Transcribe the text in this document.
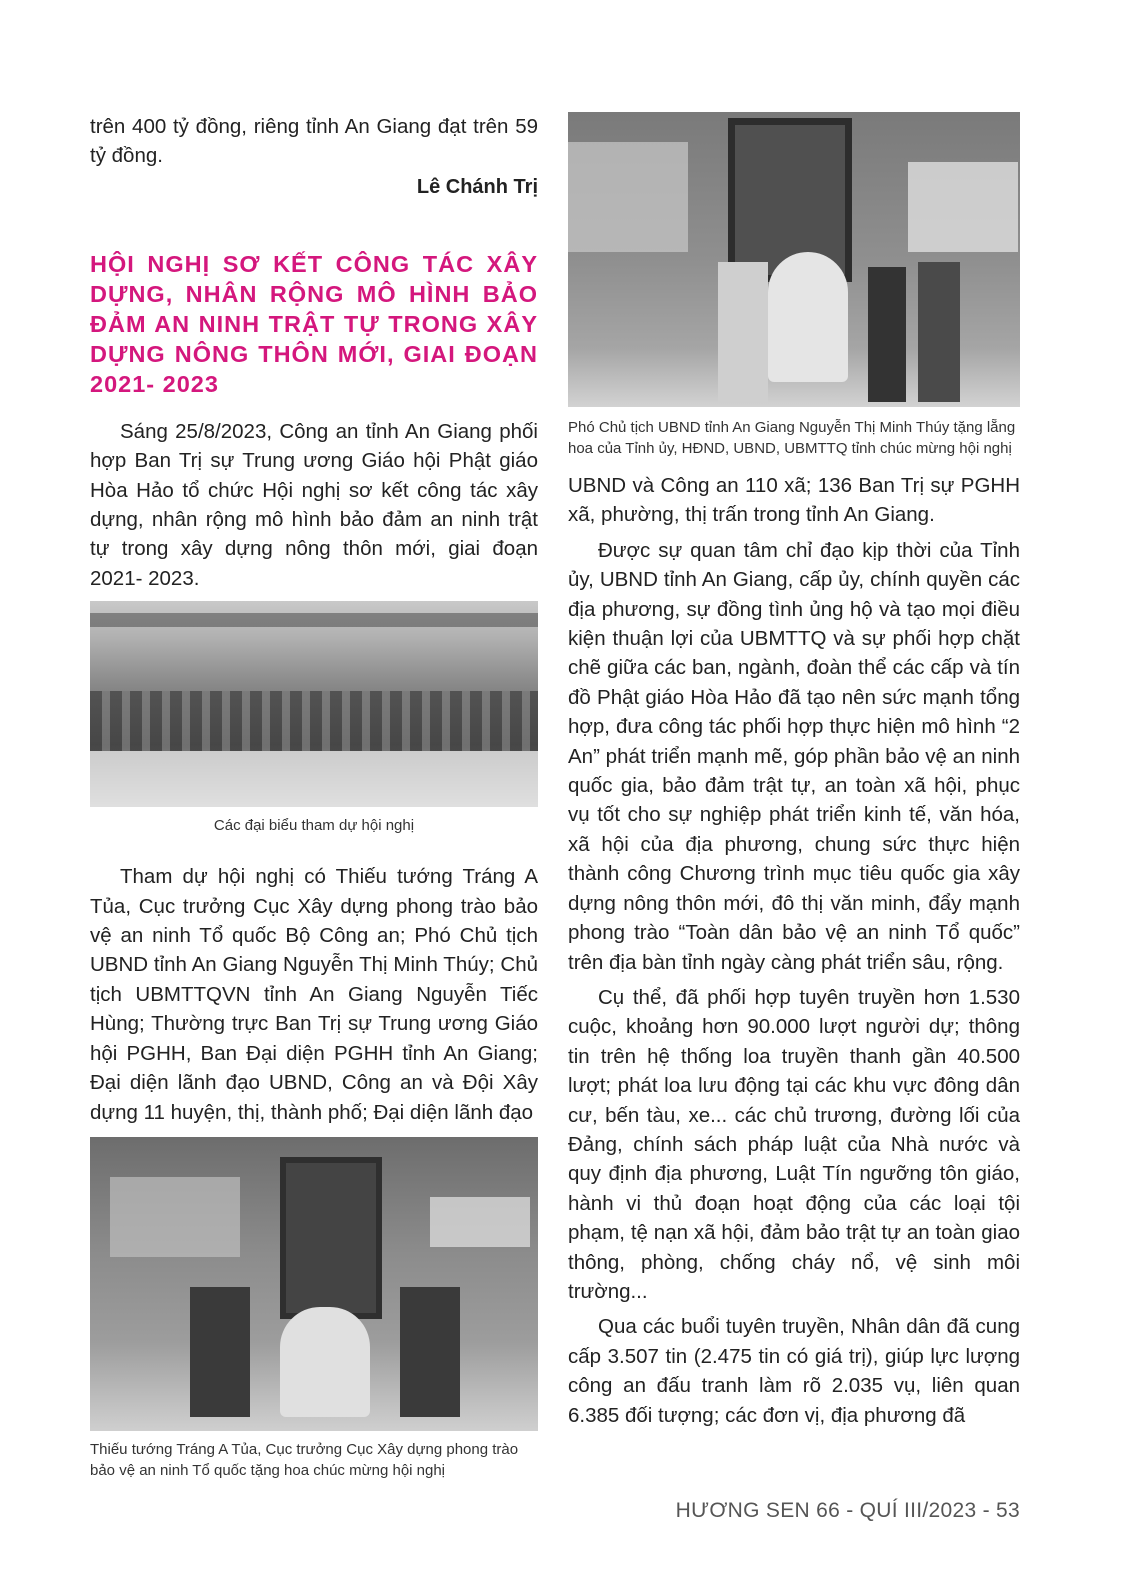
trên 400 tỷ đồng, riêng tỉnh An Giang đạt trên 59 tỷ đồng.

Lê Chánh Trị

HỘI NGHỊ SƠ KẾT CÔNG TÁC XÂY DỰNG, NHÂN RỘNG MÔ HÌNH BẢO ĐẢM AN NINH TRẬT TỰ TRONG XÂY DỰNG NÔNG THÔN MỚI, GIAI ĐOẠN 2021- 2023

Sáng 25/8/2023, Công an tỉnh An Giang phối hợp Ban Trị sự Trung ương Giáo hội Phật giáo Hòa Hảo tổ chức Hội nghị sơ kết công tác xây dựng, nhân rộng mô hình bảo đảm an ninh trật tự trong xây dựng nông thôn mới, giai đoạn 2021- 2023.

Các đại biểu tham dự hội nghị

Tham dự hội nghị có Thiếu tướng Tráng A Tủa, Cục trưởng Cục Xây dựng phong trào bảo vệ an ninh Tổ quốc Bộ Công an; Phó Chủ tịch UBND tỉnh An Giang Nguyễn Thị Minh Thúy; Chủ tịch UBMTTQVN tỉnh An Giang Nguyễn Tiếc Hùng; Thường trực Ban Trị sự Trung ương Giáo hội PGHH, Ban Đại diện PGHH tỉnh An Giang; Đại diện lãnh đạo UBND, Công an và Đội Xây dựng 11 huyện, thị, thành phố; Đại diện lãnh đạo

Thiếu tướng Tráng A Tủa, Cục trưởng Cục Xây dựng phong trào bảo vệ an ninh Tổ quốc tặng hoa chúc mừng hội nghị
Phó Chủ tịch UBND tỉnh An Giang Nguyễn Thị Minh Thúy tặng lẵng hoa của Tỉnh ủy, HĐND, UBND, UBMTTQ tỉnh chúc mừng hội nghị

UBND và Công an 110 xã; 136 Ban Trị sự PGHH xã, phường, thị trấn trong tỉnh An Giang.

Được sự quan tâm chỉ đạo kịp thời của Tỉnh ủy, UBND tỉnh An Giang, cấp ủy, chính quyền các địa phương, sự đồng tình ủng hộ và tạo mọi điều kiện thuận lợi của UBMTTQ và sự phối hợp chặt chẽ giữa các ban, ngành, đoàn thể các cấp và tín đồ Phật giáo Hòa Hảo đã tạo nên sức mạnh tổng hợp, đưa công tác phối hợp thực hiện mô hình “2 An” phát triển mạnh mẽ, góp phần bảo vệ an ninh quốc gia, bảo đảm trật tự, an toàn xã hội, phục vụ tốt cho sự nghiệp phát triển kinh tế, văn hóa, xã hội của địa phương, chung sức thực hiện thành công Chương trình mục tiêu quốc gia xây dựng nông thôn mới, đô thị văn minh, đẩy mạnh phong trào “Toàn dân bảo vệ an ninh Tổ quốc” trên địa bàn tỉnh ngày càng phát triển sâu, rộng.

Cụ thể, đã phối hợp tuyên truyền hơn 1.530 cuộc, khoảng hơn 90.000 lượt người dự; thông tin trên hệ thống loa truyền thanh gần 40.500 lượt; phát loa lưu động tại các khu vực đông dân cư, bến tàu, xe... các chủ trương, đường lối của Đảng, chính sách pháp luật của Nhà nước và quy định địa phương, Luật Tín ngưỡng tôn giáo, hành vi thủ đoạn hoạt động của các loại tội phạm, tệ nạn xã hội, đảm bảo trật tự an toàn giao thông, phòng, chống cháy nổ, vệ sinh môi trường...

Qua các buổi tuyên truyền, Nhân dân đã cung cấp 3.507 tin (2.475 tin có giá trị), giúp lực lượng công an đấu tranh làm rõ 2.035 vụ, liên quan 6.385 đối tượng; các đơn vị, địa phương đã

HƯƠNG SEN 66 - QUÍ III/2023 - 53
